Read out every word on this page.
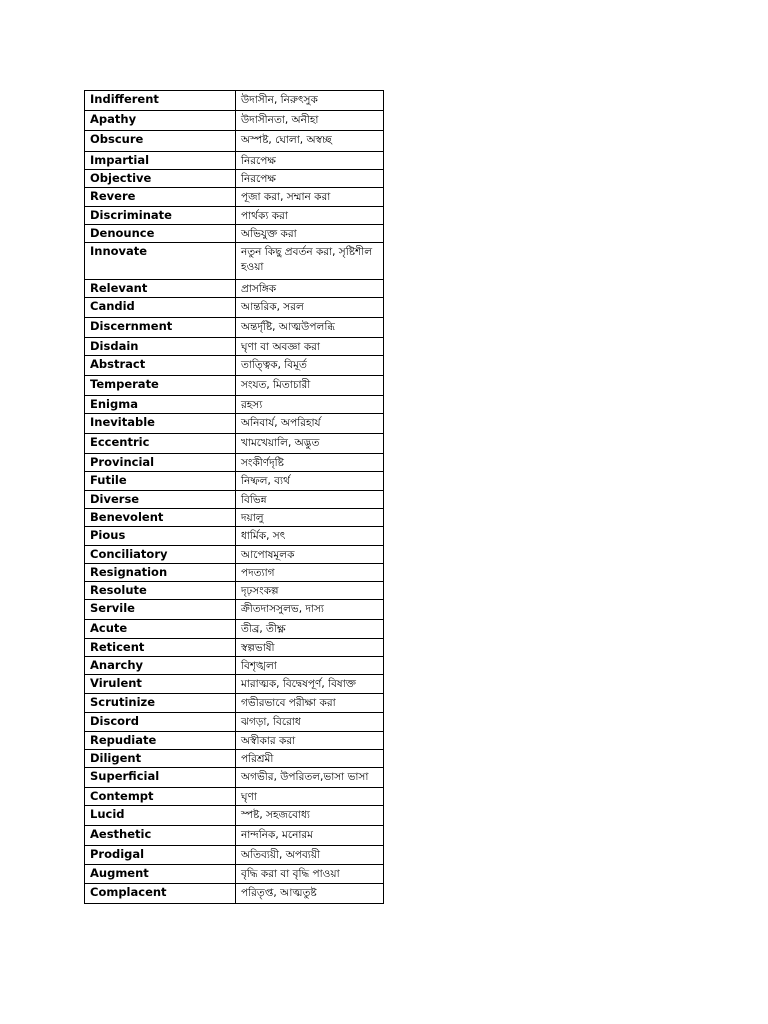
Indifferent	উদাসীন, নিরুৎসুক
Apathy	উদাসীনতা, অনীহা
Obscure	অস্পষ্ট, ঘোলা, অস্বচ্ছ
Impartial	নিরপেক্ষ
Objective	নিরপেক্ষ
Revere	পূজা করা, সম্মান করা
Discriminate	পার্থক্য করা
Denounce	অভিযুক্ত করা
Innovate	নতুন কিছু প্রবর্তন করা, সৃষ্টিশীল হওয়া
Relevant	প্রাসঙ্গিক
Candid	আন্তরিক, সরল
Discernment	অন্তর্দৃষ্টি, আত্মউপলব্ধি
Disdain	ঘৃণা বা অবজ্ঞা করা
Abstract	তাত্ত্বিক, বিমূর্ত
Temperate	সংযত, মিতাচারী
Enigma	রহস্য
Inevitable	অনিবার্য, অপরিহার্য
Eccentric	খামখেয়ালি, অদ্ভুত
Provincial	সংকীর্ণদৃষ্টি
Futile	নিষ্ফল, ব্যর্থ
Diverse	বিভিন্ন
Benevolent	দয়ালু
Pious	ধার্মিক, সৎ
Conciliatory	আপোষমূলক
Resignation	পদত্যাগ
Resolute	দৃঢ়সংকল্প
Servile	ক্রীতদাসসুলভ, দাস্য
Acute	তীব্র, তীক্ষ্ণ
Reticent	স্বল্পভাষী
Anarchy	বিশৃঙ্খলা
Virulent	মারাত্মক, বিদ্বেষপূর্ণ, বিষাক্ত
Scrutinize	গভীরভাবে পরীক্ষা করা
Discord	ঝগড়া, বিরোধ
Repudiate	অস্বীকার করা
Diligent	পরিশ্রমী
Superficial	অগভীর, উপরিতল,ভাসা ভাসা
Contempt	ঘৃণা
Lucid	স্পষ্ট, সহজবোধ্য
Aesthetic	নান্দনিক, মনোরম
Prodigal	অতিব্যয়ী, অপব্যয়ী
Augment	বৃদ্ধি করা বা বৃদ্ধি পাওয়া
Complacent	পরিতৃপ্ত, আত্মতুষ্ট
